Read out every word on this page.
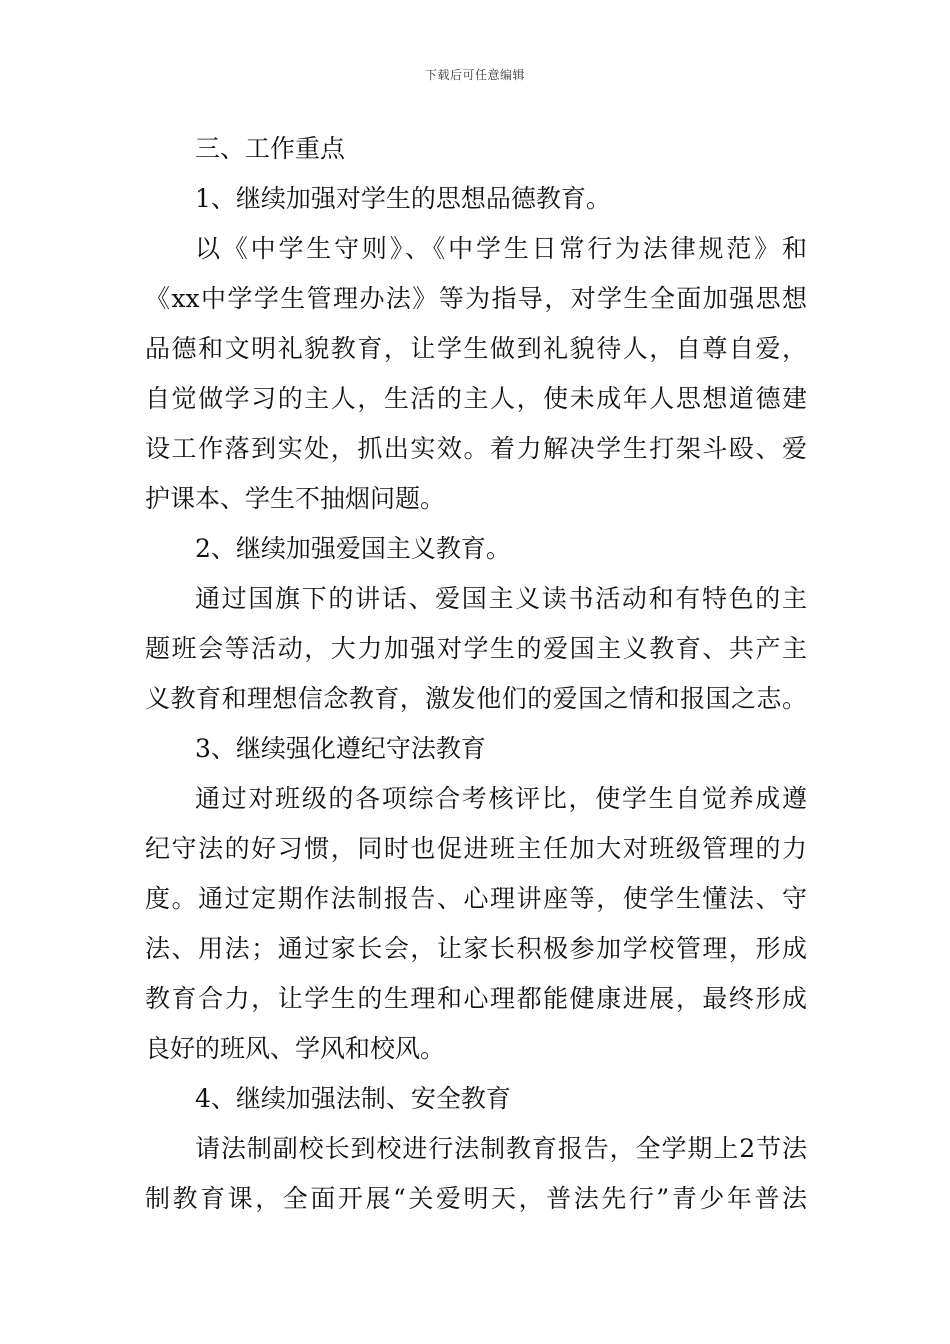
下载后可任意编辑
三、工作重点
1、继续加强对学生的思想品德教育。
以《中学生守则》、《中学生日常行为法律规范》和
《xx中学学生管理办法》等为指导，对学生全面加强思想
品德和文明礼貌教育，让学生做到礼貌待人，自尊自爱，
自觉做学习的主人，生活的主人，使未成年人思想道德建
设工作落到实处，抓出实效。着力解决学生打架斗殴、爱
护课本、学生不抽烟问题。
2、继续加强爱国主义教育。
通过国旗下的讲话、爱国主义读书活动和有特色的主
题班会等活动，大力加强对学生的爱国主义教育、共产主
义教育和理想信念教育，激发他们的爱国之情和报国之志。
3、继续强化遵纪守法教育
通过对班级的各项综合考核评比，使学生自觉养成遵
纪守法的好习惯，同时也促进班主任加大对班级管理的力
度。通过定期作法制报告、心理讲座等，使学生懂法、守
法、用法；通过家长会，让家长积极参加学校管理，形成
教育合力，让学生的生理和心理都能健康进展，最终形成
良好的班风、学风和校风。
4、继续加强法制、安全教育
请法制副校长到校进行法制教育报告，全学期上2节法
制教育课，全面开展“关爱明天，普法先行”青少年普法
